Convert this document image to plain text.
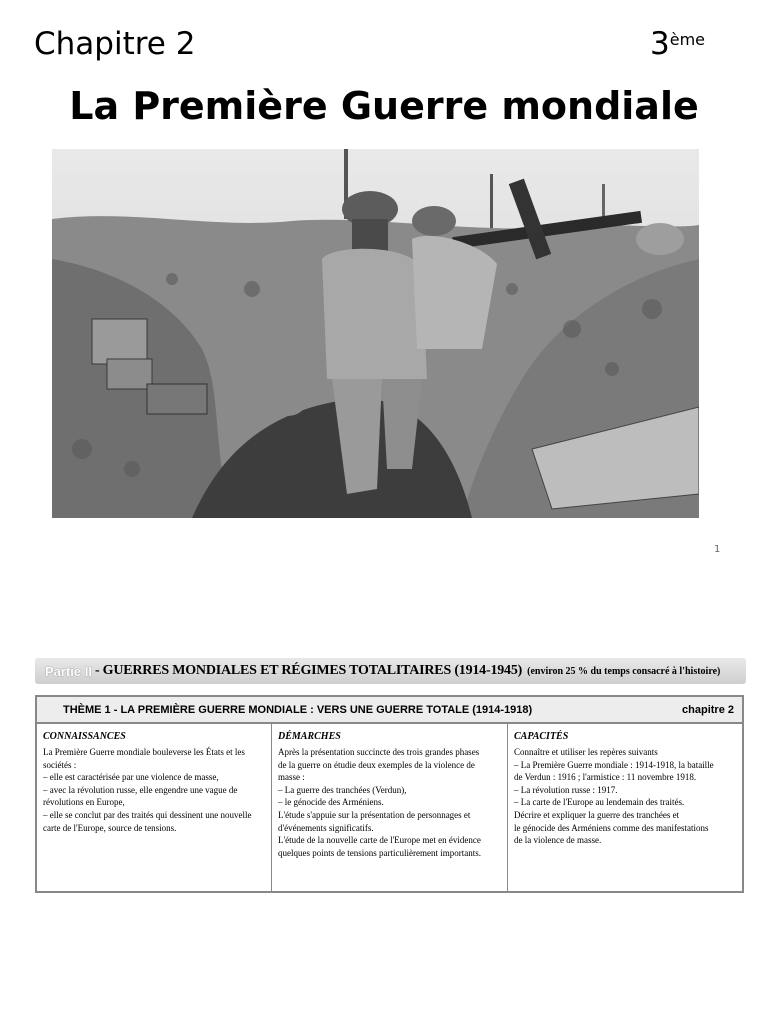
Chapitre 2	3ème
La Première Guerre mondiale
1
Partie II - GUERRES MONDIALES ET RÉGIMES TOTALITAIRES (1914-1945) (environ 25 % du temps consacré à l'histoire)
THÈME 1 - LA PREMIÈRE GUERRE MONDIALE : VERS UNE GUERRE TOTALE (1914-1918)	chapitre 2
CONNAISSANCES
La Première Guerre mondiale bouleverse les États et les
sociétés :
– elle est caractérisée par une violence de masse,
– avec la révolution russe, elle engendre une vague de
révolutions en Europe,
– elle se conclut par des traités qui dessinent une nouvelle
carte de l'Europe, source de tensions.
DÉMARCHES
Après la présentation succincte des trois grandes phases
de la guerre on étudie deux exemples de la violence de
masse :
– La guerre des tranchées (Verdun),
– le génocide des Arméniens.
L'étude s'appuie sur la présentation de personnages et
d'événements significatifs.
L'étude de la nouvelle carte de l'Europe met en évidence
quelques points de tensions particulièrement importants.
CAPACITÉS
Connaître et utiliser les repères suivants
– La Première Guerre mondiale : 1914-1918, la bataille
de Verdun : 1916 ; l'armistice : 11 novembre 1918.
– La révolution russe : 1917.
– La carte de l'Europe au lendemain des traités.
Décrire et expliquer la guerre des tranchées et
le génocide des Arméniens comme des manifestations
de la violence de masse.
